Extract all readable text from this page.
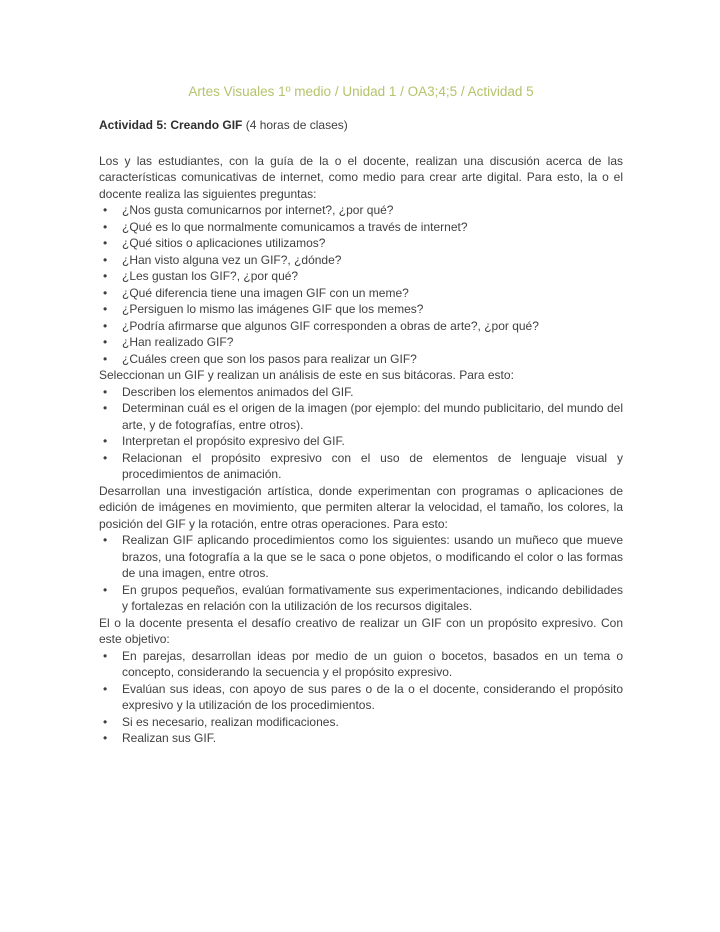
Artes Visuales 1º medio / Unidad 1 / OA3;4;5 / Actividad 5
Actividad 5: Creando GIF (4 horas de clases)

Los y las estudiantes, con la guía de la o el docente, realizan una discusión acerca de las características comunicativas de internet, como medio para crear arte digital. Para esto, la o el docente realiza las siguientes preguntas:

• ¿Nos gusta comunicarnos por internet?, ¿por qué?
• ¿Qué es lo que normalmente comunicamos a través de internet?
• ¿Qué sitios o aplicaciones utilizamos?
• ¿Han visto alguna vez un GIF?, ¿dónde?
• ¿Les gustan los GIF?, ¿por qué?
• ¿Qué diferencia tiene una imagen GIF con un meme?
• ¿Persiguen lo mismo las imágenes GIF que los memes?
• ¿Podría afirmarse que algunos GIF corresponden a obras de arte?, ¿por qué?
• ¿Han realizado GIF?
• ¿Cuáles creen que son los pasos para realizar un GIF?

Seleccionan un GIF y realizan un análisis de este en sus bitácoras. Para esto:

• Describen los elementos animados del GIF.
• Determinan cuál es el origen de la imagen (por ejemplo: del mundo publicitario, del mundo del arte, y de fotografías, entre otros).
• Interpretan el propósito expresivo del GIF.
• Relacionan el propósito expresivo con el uso de elementos de lenguaje visual y procedimientos de animación.

Desarrollan una investigación artística, donde experimentan con programas o aplicaciones de edición de imágenes en movimiento, que permiten alterar la velocidad, el tamaño, los colores, la posición del GIF y la rotación, entre otras operaciones. Para esto:

• Realizan GIF aplicando procedimientos como los siguientes: usando un muñeco que mueve brazos, una fotografía a la que se le saca o pone objetos, o modificando el color o las formas de una imagen, entre otros.
• En grupos pequeños, evalúan formativamente sus experimentaciones, indicando debilidades y fortalezas en relación con la utilización de los recursos digitales.

El o la docente presenta el desafío creativo de realizar un GIF con un propósito expresivo. Con este objetivo:

• En parejas, desarrollan ideas por medio de un guion o bocetos, basados en un tema o concepto, considerando la secuencia y el propósito expresivo.
• Evalúan sus ideas, con apoyo de sus pares o de la o el docente, considerando el propósito expresivo y la utilización de los procedimientos.
• Si es necesario, realizan modificaciones.
• Realizan sus GIF.
